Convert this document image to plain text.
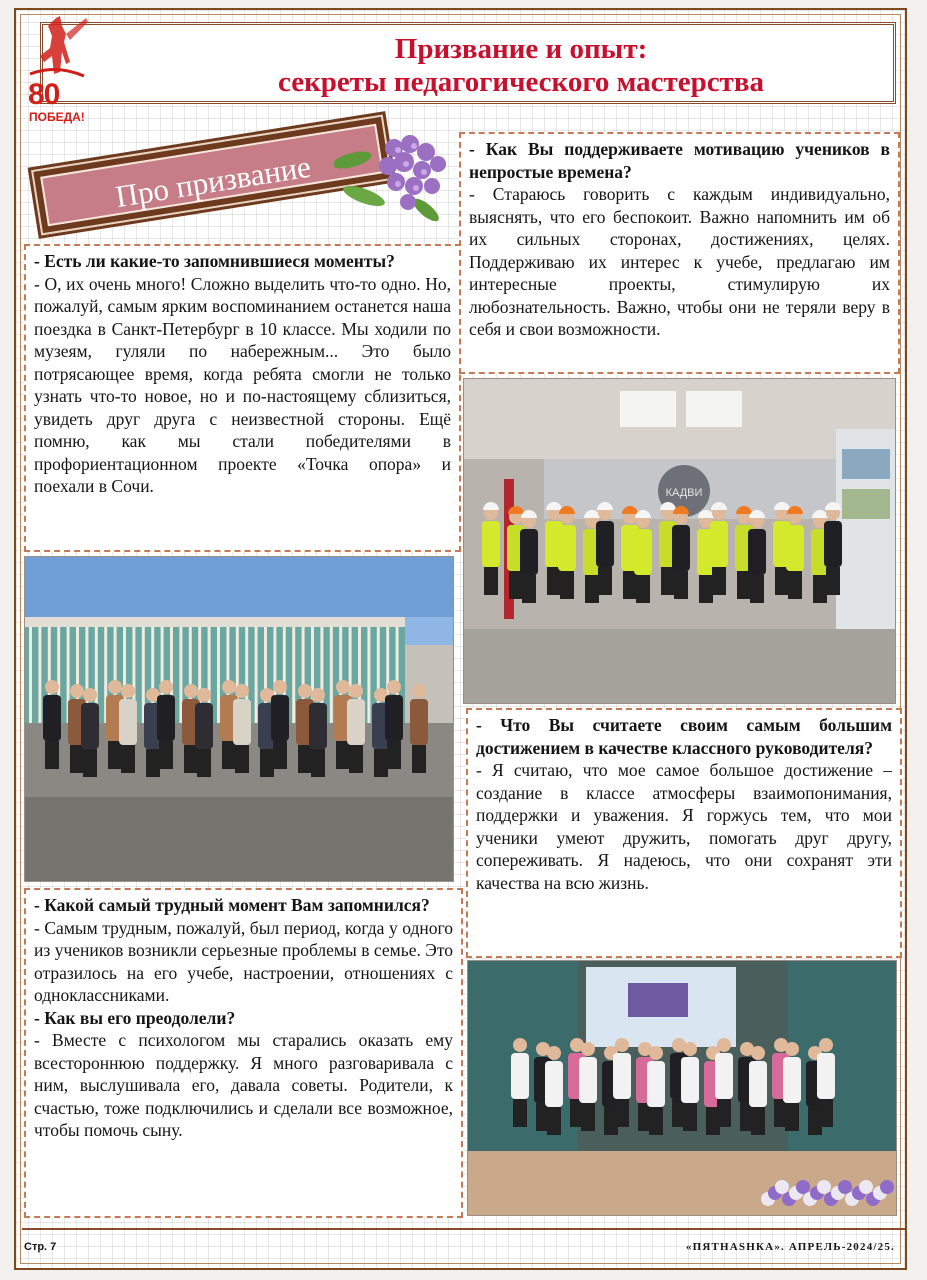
Призвание и опыт:
секреты педагогического мастерства
80
ПОБЕДА!
Про призвание

- Есть ли какие-то запомнившиеся моменты?

- О, их очень много! Сложно выделить что-то одно. Но, пожалуй, самым ярким воспоминанием останется наша поездка в Санкт-Петербург в 10 классе. Мы ходили по музеям, гуляли по набережным... Это было потрясающее время, когда ребята смогли не только узнать что-то новое, но и по-настоящему сблизиться, увидеть друг друга с неизвестной стороны. Ещё помню, как мы стали победителями в профориентационном проекте «Точка опора» и поехали в Сочи.

- Как Вы поддерживаете мотивацию учеников в непростые времена?

- Стараюсь говорить с каждым индивидуально, выяснять, что его беспокоит. Важно напомнить им об их сильных сторонах, достижениях, целях. Поддерживаю их интерес к учебе, предлагаю им интересные проекты, стимулирую их любознательность. Важно, чтобы они не теряли веру в себя и свои возможности.

КАДВИ

- Что Вы считаете своим самым большим достижением в качестве классного руководителя?

- Я считаю, что мое самое большое достижение – создание в классе атмосферы взаимопонимания, поддержки и уважения. Я горжусь тем, что мои ученики умеют дружить, помогать друг другу, сопереживать. Я надеюсь, что они сохранят эти качества на всю жизнь.

- Какой самый трудный момент Вам запомнился?

- Самым трудным, пожалуй, был период, когда у одного из учеников возникли серьезные проблемы в семье. Это отразилось на его учебе, настроении, отношениях с одноклассниками.

- Как вы его преодолели?

- Вместе с психологом мы старались оказать ему всестороннюю поддержку. Я много разговаривала с ним, выслушивала его, давала советы. Родители, к счастью, тоже подключились и сделали все возможное, чтобы помочь сыну.

Стр. 7	«ПЯТНАSНКА». АПРЕЛЬ-2024/25.
